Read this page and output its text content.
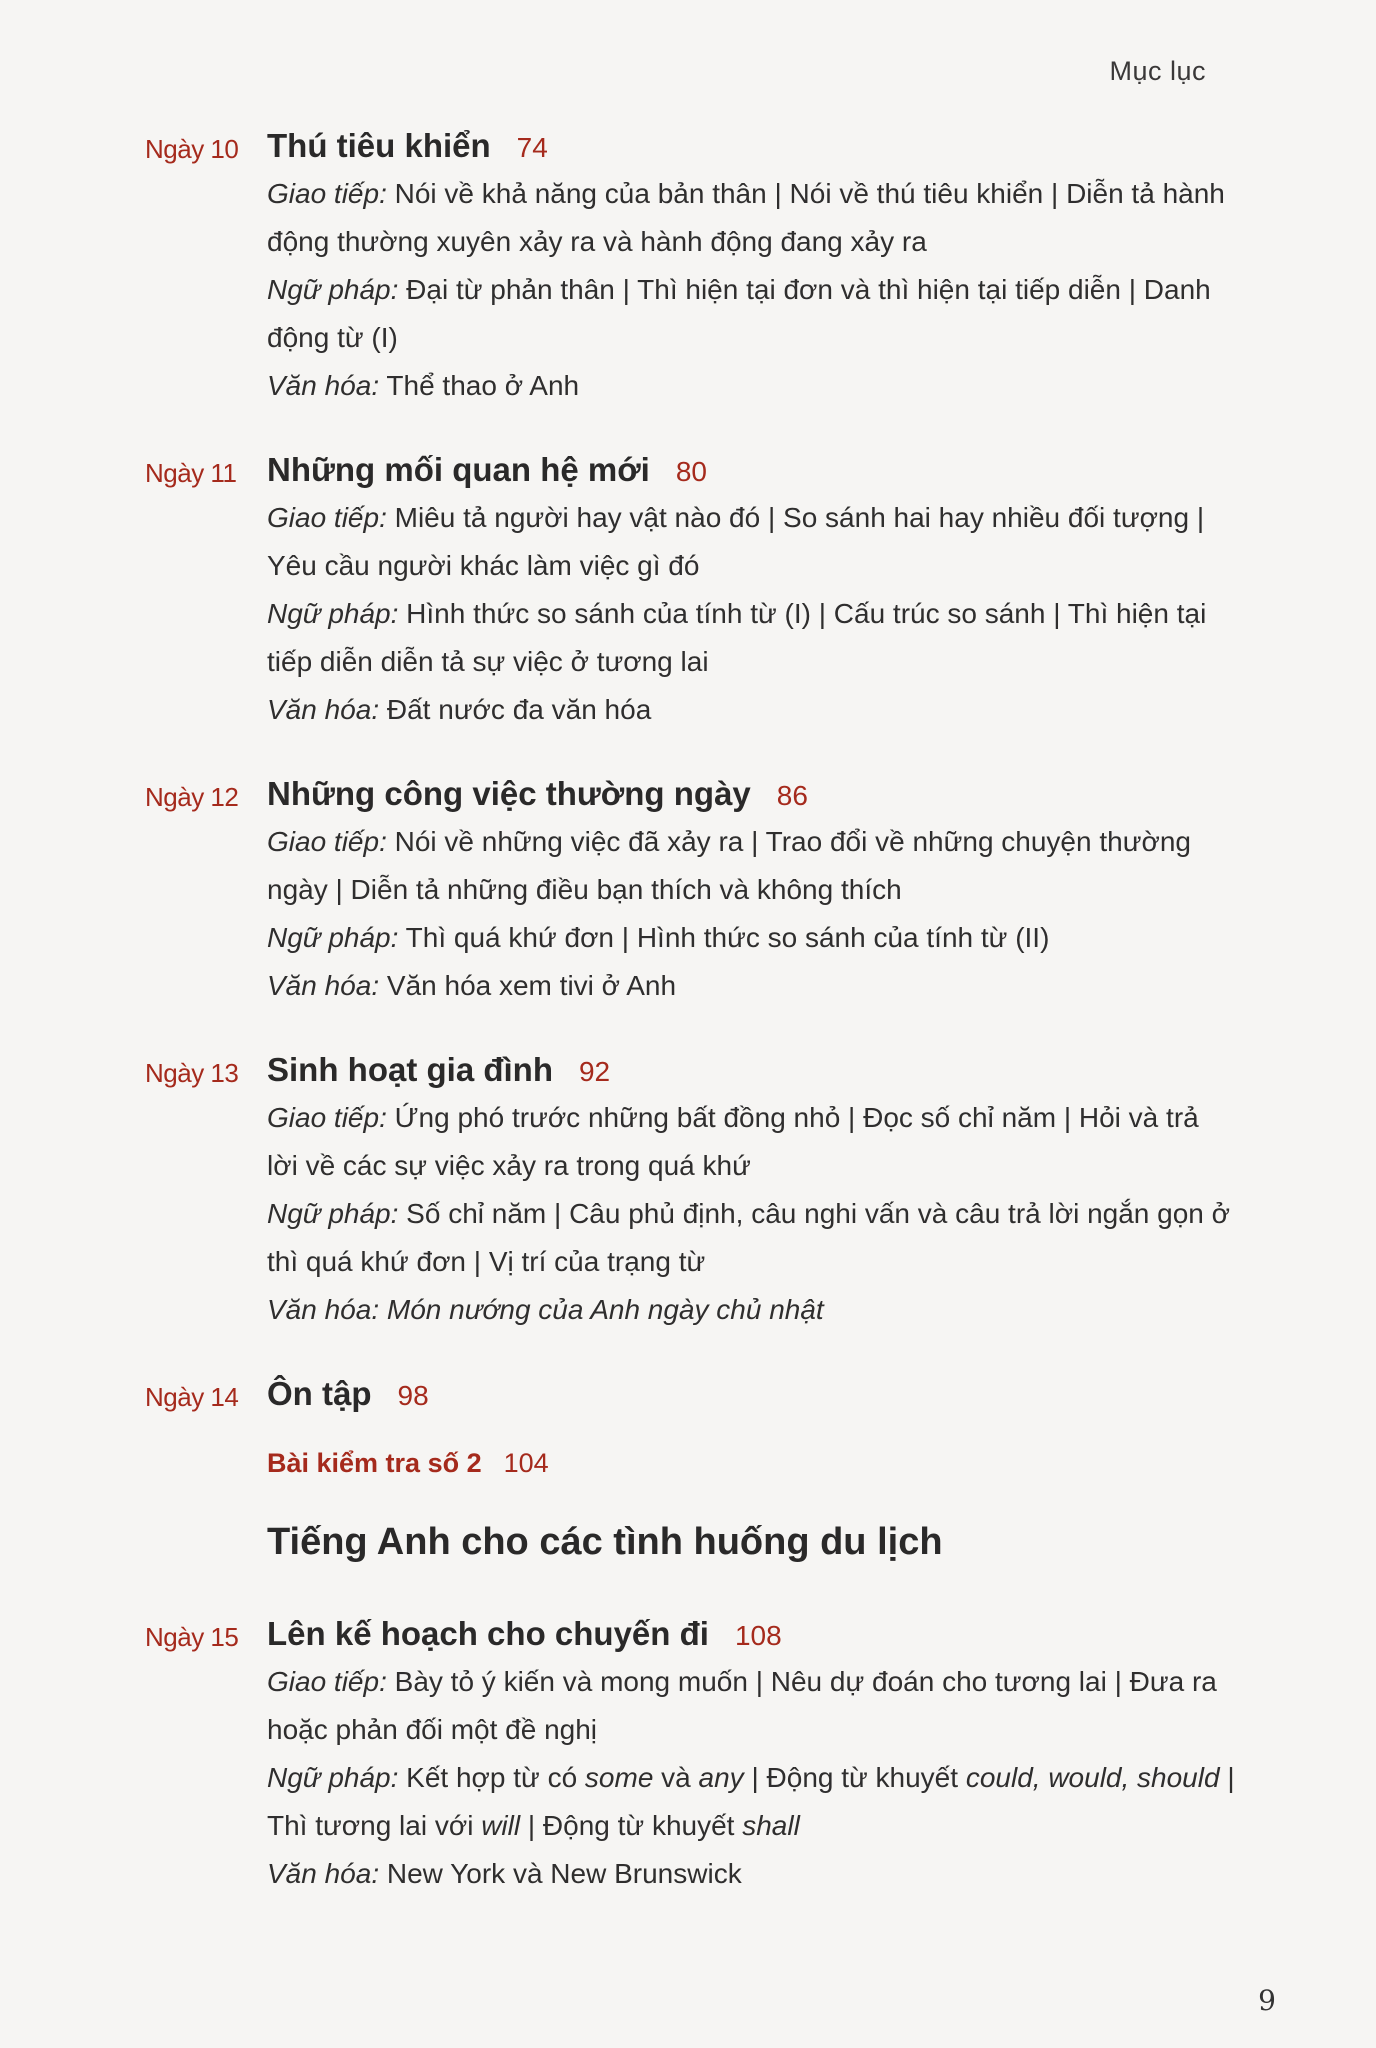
Mục lục
Ngày 10 Thú tiêu khiển 74
Giao tiếp: Nói về khả năng của bản thân | Nói về thú tiêu khiển | Diễn tả hành động thường xuyên xảy ra và hành động đang xảy ra
Ngữ pháp: Đại từ phản thân | Thì hiện tại đơn và thì hiện tại tiếp diễn | Danh động từ (I)
Văn hóa: Thể thao ở Anh
Ngày 11 Những mối quan hệ mới 80
Giao tiếp: Miêu tả người hay vật nào đó | So sánh hai hay nhiều đối tượng | Yêu cầu người khác làm việc gì đó
Ngữ pháp: Hình thức so sánh của tính từ (I) | Cấu trúc so sánh | Thì hiện tại tiếp diễn diễn tả sự việc ở tương lai
Văn hóa: Đất nước đa văn hóa
Ngày 12 Những công việc thường ngày 86
Giao tiếp: Nói về những việc đã xảy ra | Trao đổi về những chuyện thường ngày | Diễn tả những điều bạn thích và không thích
Ngữ pháp: Thì quá khứ đơn | Hình thức so sánh của tính từ (II)
Văn hóa: Văn hóa xem tivi ở Anh
Ngày 13 Sinh hoạt gia đình 92
Giao tiếp: Ứng phó trước những bất đồng nhỏ | Đọc số chỉ năm | Hỏi và trả lời về các sự việc xảy ra trong quá khứ
Ngữ pháp: Số chỉ năm | Câu phủ định, câu nghi vấn và câu trả lời ngắn gọn ở thì quá khứ đơn | Vị trí của trạng từ
Văn hóa: Món nướng của Anh ngày chủ nhật
Ngày 14 Ôn tập 98
Bài kiểm tra số 2 104
Tiếng Anh cho các tình huống du lịch
Ngày 15 Lên kế hoạch cho chuyến đi 108
Giao tiếp: Bày tỏ ý kiến và mong muốn | Nêu dự đoán cho tương lai | Đưa ra hoặc phản đối một đề nghị
Ngữ pháp: Kết hợp từ có some và any | Động từ khuyết could, would, should | Thì tương lai với will | Động từ khuyết shall
Văn hóa: New York và New Brunswick
9
